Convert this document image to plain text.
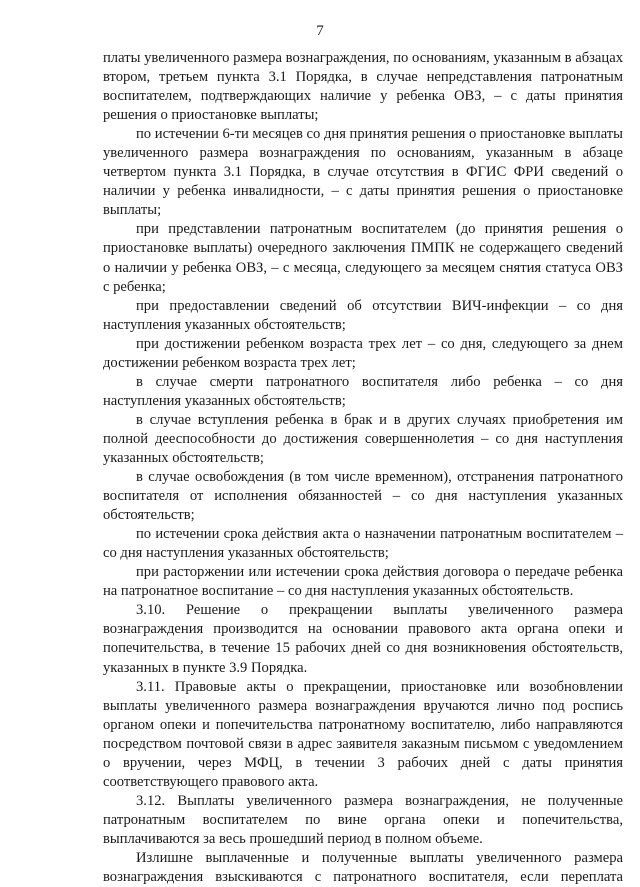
7

платы увеличенного размера вознаграждения, по основаниям, указанным в абзацах втором, третьем пункта 3.1 Порядка, в случае непредставления патронатным воспитателем, подтверждающих наличие у ребенка ОВЗ, – с даты принятия решения о приостановке выплаты;

по истечении 6-ти месяцев со дня принятия решения о приостановке выплаты увеличенного размера вознаграждения по основаниям, указанным в абзаце четвертом пункта 3.1 Порядка, в случае отсутствия в ФГИС ФРИ сведений о наличии у ребенка инвалидности, – с даты принятия решения о приостановке выплаты;

при представлении патронатным воспитателем (до принятия решения о приостановке выплаты) очередного заключения ПМПК не содержащего сведений о наличии у ребенка ОВЗ, – с месяца, следующего за месяцем снятия статуса ОВЗ с ребенка;

при предоставлении сведений об отсутствии ВИЧ-инфекции – со дня наступления указанных обстоятельств;

при достижении ребенком возраста трех лет – со дня, следующего за днем достижении ребенком возраста трех лет;

в случае смерти патронатного воспитателя либо ребенка – со дня наступления указанных обстоятельств;

в случае вступления ребенка в брак и в других случаях приобретения им полной дееспособности до достижения совершеннолетия – со дня наступления указанных обстоятельств;

в случае освобождения (в том числе временном), отстранения патронатного воспитателя от исполнения обязанностей – со дня наступления указанных обстоятельств;

по истечении срока действия акта о назначении патронатным воспитателем – со дня наступления указанных обстоятельств;

при расторжении или истечении срока действия договора о передаче ребенка на патронатное воспитание – со дня наступления указанных обстоятельств.

3.10. Решение о прекращении выплаты увеличенного размера вознаграждения производится на основании правового акта органа опеки и попечительства, в течение 15 рабочих дней со дня возникновения обстоятельств, указанных в пункте 3.9 Порядка.

3.11. Правовые акты о прекращении, приостановке или возобновлении выплаты увеличенного размера вознаграждения вручаются лично под роспись органом опеки и попечительства патронатному воспитателю, либо направляются посредством почтовой связи в адрес заявителя заказным письмом с уведомлением о вручении, через МФЦ, в течении 3 рабочих дней с даты принятия соответствующего правового акта.

3.12. Выплаты увеличенного размера вознаграждения, не полученные патронатным воспитателем по вине органа опеки и попечительства, выплачиваются за весь прошедший период в полном объеме.

Излишне выплаченные и полученные выплаты увеличенного размера вознаграждения взыскиваются с патронатного воспитателя, если переплата
